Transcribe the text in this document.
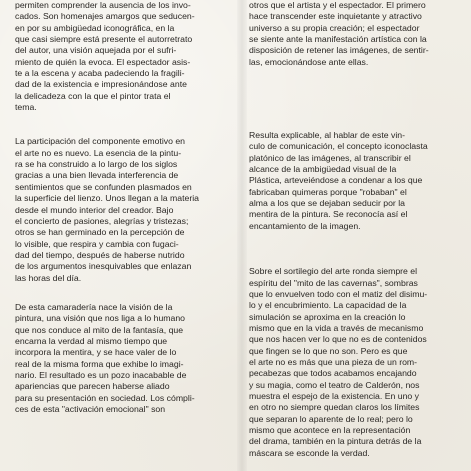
permiten comprender la ausencia de los invo-
cados. Son homenajes amargos que seducen-
en por su ambigüedad iconográfica, en la
que casi siempre está presente el autorretrato
del autor, una visión aquejada por el sufri-
miento de quién la evoca. El espectador asis-
te a la escena y acaba padeciendo la fragili-
dad de la existencia e impresionándose ante
la delicadeza con la que el pintor trata el
tema.
La participación del componente emotivo en
el arte no es nuevo. La esencia de la pintu-
ra se ha construido a lo largo de los siglos
gracias a una bien llevada interferencia de
sentimientos que se confunden plasmados en
la superficie del lienzo. Unos llegan a la materia
desde el mundo interior del creador. Bajo
el concierto de pasiones, alegrías y tristezas;
otros se han germinado en la percepción de
lo visible, que respira y cambia con fugaci-
dad del tiempo, después de haberse nutrido
de los argumentos inesquivables que enlazan
las horas del día.
De esta camaradería nace la visión de la
pintura, una visión que nos liga a lo humano
que nos conduce al mito de la fantasía, que
encarna la verdad al mismo tiempo que
incorpora la mentira, y se hace valer de lo
real de la misma forma que exhibe lo imagi-
nario. El resultado es un pozo inacabable de
apariencias que parecen haberse aliado
para su presentación en sociedad. Los cómpli-
ces de esta "activación emocional" son
otros que el artista y el espectador. El primero
hace transcender este inquietante y atractivo
universo a su propia creación; el espectador
se siente ante la manifestación artística con la
disposición de retener las imágenes, de sentir-
las, emocionándose ante ellas.
Resulta explicable, al hablar de este vin-
culo de comunicación, el concepto iconoclasta
platónico de las imágenes, al transcribir el
alcance de la ambigüedad visual de la
Plástica, arteveiéndose a condenar a los que
fabricaban quimeras porque "robaban" el
alma a los que se dejaban seducir por la
mentira de la pintura. Se reconocía así el
encantamiento de la imagen.
Sobre el sortilegio del arte ronda siempre el
espíritu del "mito de las cavernas", sombras
que lo envuelven todo con el matiz del disimu-
lo y el encubrimiento. La capacidad de la
simulación se aproxima en la creación lo
mismo que en la vida a través de mecanismo
que nos hacen ver lo que no es de contenidos
que fingen se lo que no son. Pero es que
el arte no es más que una pieza de un rom-
pecabezas que todos acabamos encajando
y su magia, como el teatro de Calderón, nos
muestra el espejo de la existencia. En uno y
en otro no siempre quedan claros los límites
que separan lo aparente de lo real; pero lo
mismo que acontece en la representación
del drama, también en la pintura detrás de la
máscara se esconde la verdad.
